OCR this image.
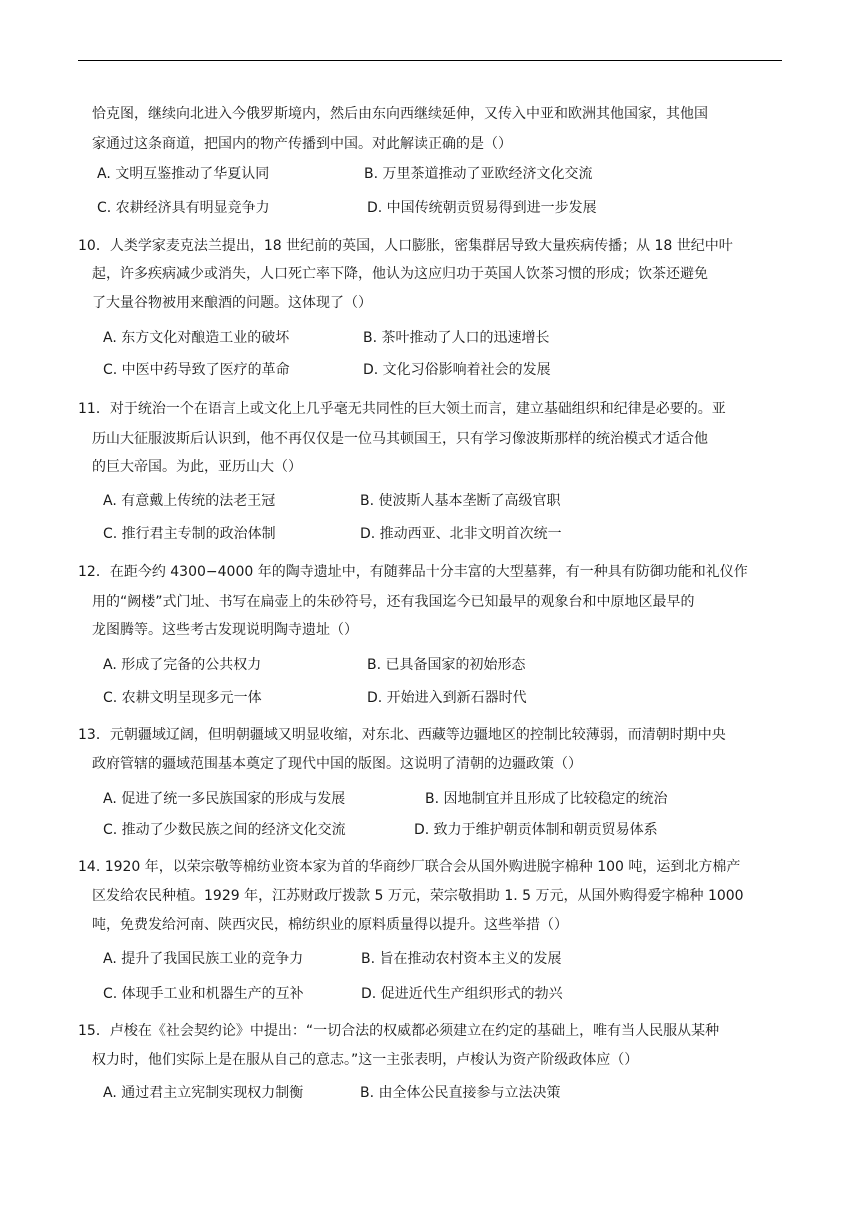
恰克图，继续向北进入今俄罗斯境内，然后由东向西继续延伸，又传入中亚和欧洲其他国家，其他国
家通过这条商道，把国内的物产传播到中国。对此解读正确的是（）
A. 文明互鉴推动了华夏认同	B. 万里茶道推动了亚欧经济文化交流
C. 农耕经济具有明显竞争力	D. 中国传统朝贡贸易得到进一步发展
10．人类学家麦克法兰提出，18 世纪前的英国，人口膨胀，密集群居导致大量疾病传播；从 18 世纪中叶
起，许多疾病减少或消失，人口死亡率下降，他认为这应归功于英国人饮茶习惯的形成；饮茶还避免
了大量谷物被用来酿酒的问题。这体现了（）
A. 东方文化对酿造工业的破坏	B. 茶叶推动了人口的迅速增长
C. 中医中药导致了医疗的革命	D. 文化习俗影响着社会的发展
11．对于统治一个在语言上或文化上几乎毫无共同性的巨大领土而言，建立基础组织和纪律是必要的。亚
历山大征服波斯后认识到，他不再仅仅是一位马其顿国王，只有学习像波斯那样的统治模式才适合他
的巨大帝国。为此，亚历山大（）
A. 有意戴上传统的法老王冠	B. 使波斯人基本垄断了高级官职
C. 推行君主专制的政治体制	D. 推动西亚、北非文明首次统一
12．在距今约 4300−4000 年的陶寺遗址中，有随葬品十分丰富的大型墓葬，有一种具有防御功能和礼仪作
用的“阙楼”式门址、书写在扁壶上的朱砂符号，还有我国迄今已知最早的观象台和中原地区最早的
龙图腾等。这些考古发现说明陶寺遗址（）
A. 形成了完备的公共权力	B. 已具备国家的初始形态
C. 农耕文明呈现多元一体	D. 开始进入到新石器时代
13．元朝疆域辽阔，但明朝疆域又明显收缩，对东北、西藏等边疆地区的控制比较薄弱，而清朝时期中央
政府管辖的疆域范围基本奠定了现代中国的版图。这说明了清朝的边疆政策（）
A. 促进了统一多民族国家的形成与发展	B. 因地制宜并且形成了比较稳定的统治
C. 推动了少数民族之间的经济文化交流	D. 致力于维护朝贡体制和朝贡贸易体系
14. 1920 年，以荣宗敬等棉纺业资本家为首的华商纱厂联合会从国外购进脱字棉种 100 吨，运到北方棉产
区发给农民种植。1929 年，江苏财政厅拨款 5 万元，荣宗敬捐助 1. 5 万元，从国外购得爱字棉种 1000
吨，免费发给河南、陕西灾民，棉纺织业的原料质量得以提升。这些举措（）
A. 提升了我国民族工业的竞争力	B. 旨在推动农村资本主义的发展
C. 体现手工业和机器生产的互补	D. 促进近代生产组织形式的勃兴
15．卢梭在《社会契约论》中提出：“一切合法的权威都必须建立在约定的基础上，唯有当人民服从某种
权力时，他们实际上是在服从自己的意志。”这一主张表明，卢梭认为资产阶级政体应（）
A. 通过君主立宪制实现权力制衡	B. 由全体公民直接参与立法决策
